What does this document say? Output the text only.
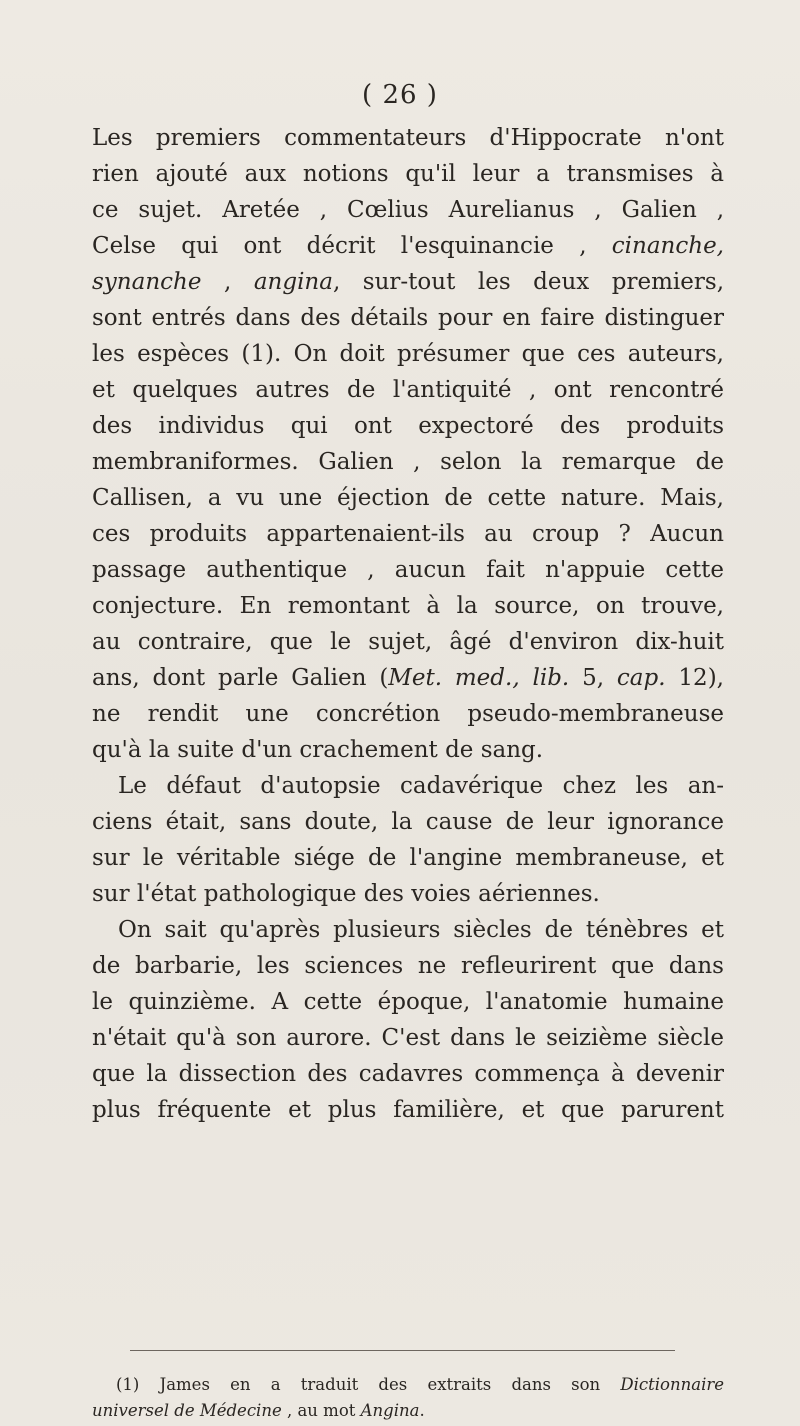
( 26 )
Les premiers commentateurs d'Hippocrate n'ont
rien ajouté aux notions qu'il leur a transmises à
ce sujet. Aretée , Cœlius Aurelianus , Galien ,
Celse qui ont décrit l'esquinancie , cinanche,
synanche , angina, sur-tout les deux premiers,
sont entrés dans des détails pour en faire distinguer
les espèces (1). On doit présumer que ces auteurs,
et quelques autres de l'antiquité , ont rencontré
des individus qui ont expectoré des produits
membraniformes. Galien , selon la remarque de
Callisen, a vu une éjection de cette nature. Mais,
ces produits appartenaient-ils au croup ? Aucun
passage authentique , aucun fait n'appuie cette
conjecture. En remontant à la source, on trouve,
au contraire, que le sujet, âgé d'environ dix-huit
ans, dont parle Galien (Met. med., lib. 5, cap. 12),
ne rendit une concrétion pseudo-membraneuse
qu'à la suite d'un crachement de sang.
Le défaut d'autopsie cadavérique chez les an-
ciens était, sans doute, la cause de leur ignorance
sur le véritable siége de l'angine membraneuse, et
sur l'état pathologique des voies aériennes.
On sait qu'après plusieurs siècles de ténèbres et
de barbarie, les sciences ne refleurirent que dans
le quinzième. A cette époque, l'anatomie humaine
n'était qu'à son aurore. C'est dans le seizième siècle
que la dissection des cadavres commença à devenir
plus fréquente et plus familière, et que parurent
(1) James en a traduit des extraits dans son Dictionnaire
universel de Médecine , au mot Angina.
